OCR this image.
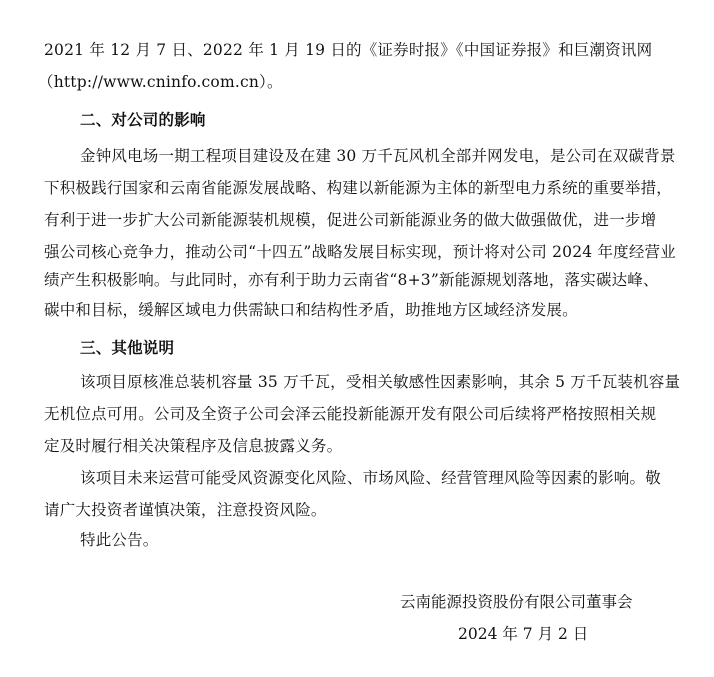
2021 年 12 月 7 日、2022 年 1 月 19 日的《证券时报》《中国证券报》和巨潮资讯网
（http://www.cninfo.com.cn）。
二、对公司的影响
金钟风电场一期工程项目建设及在建 30 万千瓦风机全部并网发电，是公司在双碳背景
下积极践行国家和云南省能源发展战略、构建以新能源为主体的新型电力系统的重要举措，
有利于进一步扩大公司新能源装机规模，促进公司新能源业务的做大做强做优，进一步增
强公司核心竞争力，推动公司“十四五”战略发展目标实现，预计将对公司 2024 年度经营业
绩产生积极影响。与此同时，亦有利于助力云南省“8+3”新能源规划落地，落实碳达峰、
碳中和目标，缓解区域电力供需缺口和结构性矛盾，助推地方区域经济发展。
三、其他说明
该项目原核准总装机容量 35 万千瓦，受相关敏感性因素影响，其余 5 万千瓦装机容量
无机位点可用。公司及全资子公司会泽云能投新能源开发有限公司后续将严格按照相关规
定及时履行相关决策程序及信息披露义务。
该项目未来运营可能受风资源变化风险、市场风险、经营管理风险等因素的影响。敬
请广大投资者谨慎决策，注意投资风险。
特此公告。
云南能源投资股份有限公司董事会
2024 年 7 月 2 日
